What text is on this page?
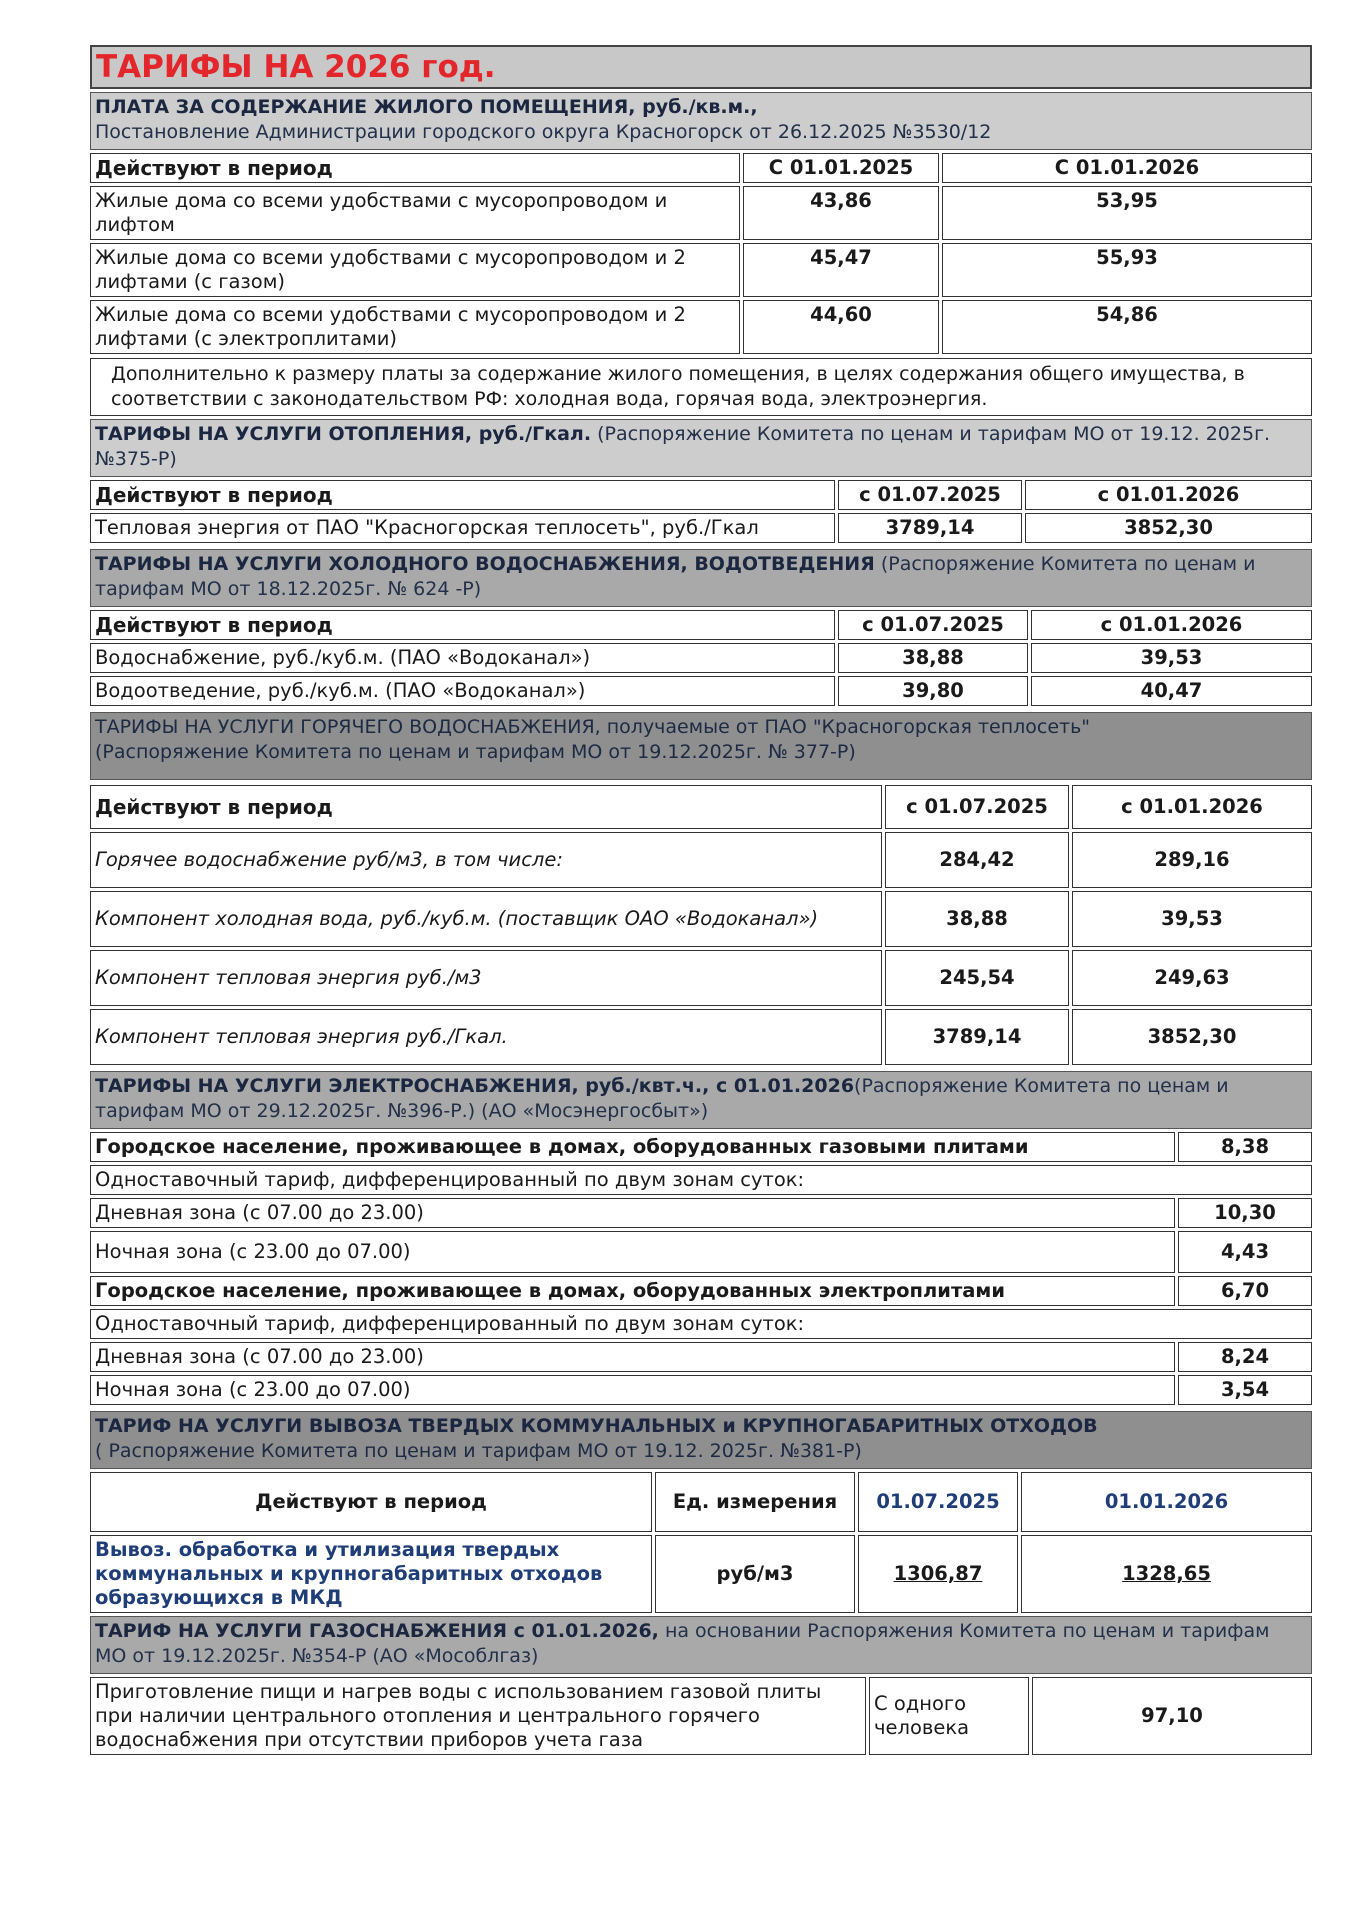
ТАРИФЫ НА 2026 год.
ПЛАТА ЗА СОДЕРЖАНИЕ ЖИЛОГО ПОМЕЩЕНИЯ, руб./кв.м.,
Постановление Администрации городского округа Красногорск от 26.12.2025 №3530/12
Действуют в период	С 01.01.2025	С 01.01.2026
Жилые дома со всеми удобствами с мусоропроводом и лифтом	43,86	53,95
Жилые дома со всеми удобствами с мусоропроводом и 2 лифтами (с газом)	45,47	55,93
Жилые дома со всеми удобствами с мусоропроводом и 2 лифтами (с электроплитами)	44,60	54,86
Дополнительно к размеру платы за содержание жилого помещения, в целях содержания общего имущества, в соответствии с законодательством РФ: холодная вода, горячая вода, электроэнергия.
ТАРИФЫ НА УСЛУГИ ОТОПЛЕНИЯ, руб./Гкал. (Распоряжение Комитета по ценам и тарифам МО от 19.12. 2025г. №375-Р)
Действуют в период	с 01.07.2025	с 01.01.2026
Тепловая энергия от ПАО "Красногорская теплосеть", руб./Гкал	3789,14	3852,30
ТАРИФЫ НА УСЛУГИ ХОЛОДНОГО ВОДОСНАБЖЕНИЯ, ВОДОТВЕДЕНИЯ (Распоряжение Комитета по ценам и тарифам МО от 18.12.2025г. № 624 -Р)
Действуют в период	с 01.07.2025	с 01.01.2026
Водоснабжение, руб./куб.м. (ПАО «Водоканал»)	38,88	39,53
Водоотведение, руб./куб.м. (ПАО «Водоканал»)	39,80	40,47
ТАРИФЫ НА УСЛУГИ ГОРЯЧЕГО ВОДОСНАБЖЕНИЯ, получаемые от ПАО "Красногорская теплосеть"
(Распоряжение Комитета по ценам и тарифам МО от 19.12.2025г. № 377-Р)
Действуют в период	с 01.07.2025	с 01.01.2026
Горячее водоснабжение руб/м3, в том числе:	284,42	289,16
Компонент холодная вода, руб./куб.м. (поставщик ОАО «Водоканал»)	38,88	39,53
Компонент тепловая энергия руб./м3	245,54	249,63
Компонент тепловая энергия руб./Гкал.	3789,14	3852,30
ТАРИФЫ НА УСЛУГИ ЭЛЕКТРОСНАБЖЕНИЯ, руб./квт.ч., с 01.01.2026(Распоряжение Комитета по ценам и тарифам МО от 29.12.2025г. №396-Р.) (АО «Мосэнергосбыт»)
Городское население, проживающее в домах, оборудованных газовыми плитами	8,38
Одноставочный тариф, дифференцированный по двум зонам суток:	
Дневная зона (с 07.00 до 23.00)	10,30
Ночная зона (с 23.00 до 07.00)	4,43
Городское население, проживающее в домах, оборудованных электроплитами	6,70
Одноставочный тариф, дифференцированный по двум зонам суток:	
Дневная зона (с 07.00 до 23.00)	8,24
Ночная зона (с 23.00 до 07.00)	3,54
ТАРИФ НА УСЛУГИ ВЫВОЗА ТВЕРДЫХ КОММУНАЛЬНЫХ и КРУПНОГАБАРИТНЫХ ОТХОДОВ
( Распоряжение Комитета по ценам и тарифам МО от 19.12. 2025г. №381-Р)
Действуют в период	Ед. измерения	01.07.2025	01.01.2026
Вывоз. обработка и утилизация твердых коммунальных и крупногабаритных отходов образующихся в МКД	руб/м3	1306,87	1328,65
ТАРИФ НА УСЛУГИ ГАЗОСНАБЖЕНИЯ с 01.01.2026, на основании Распоряжения Комитета по ценам и тарифам МО от 19.12.2025г. №354-Р (АО «Мособлгаз)
Приготовление пищи и нагрев воды с использованием газовой плиты при наличии центрального отопления и центрального горячего водоснабжения при отсутствии приборов учета газа	С одного человека	97,10
